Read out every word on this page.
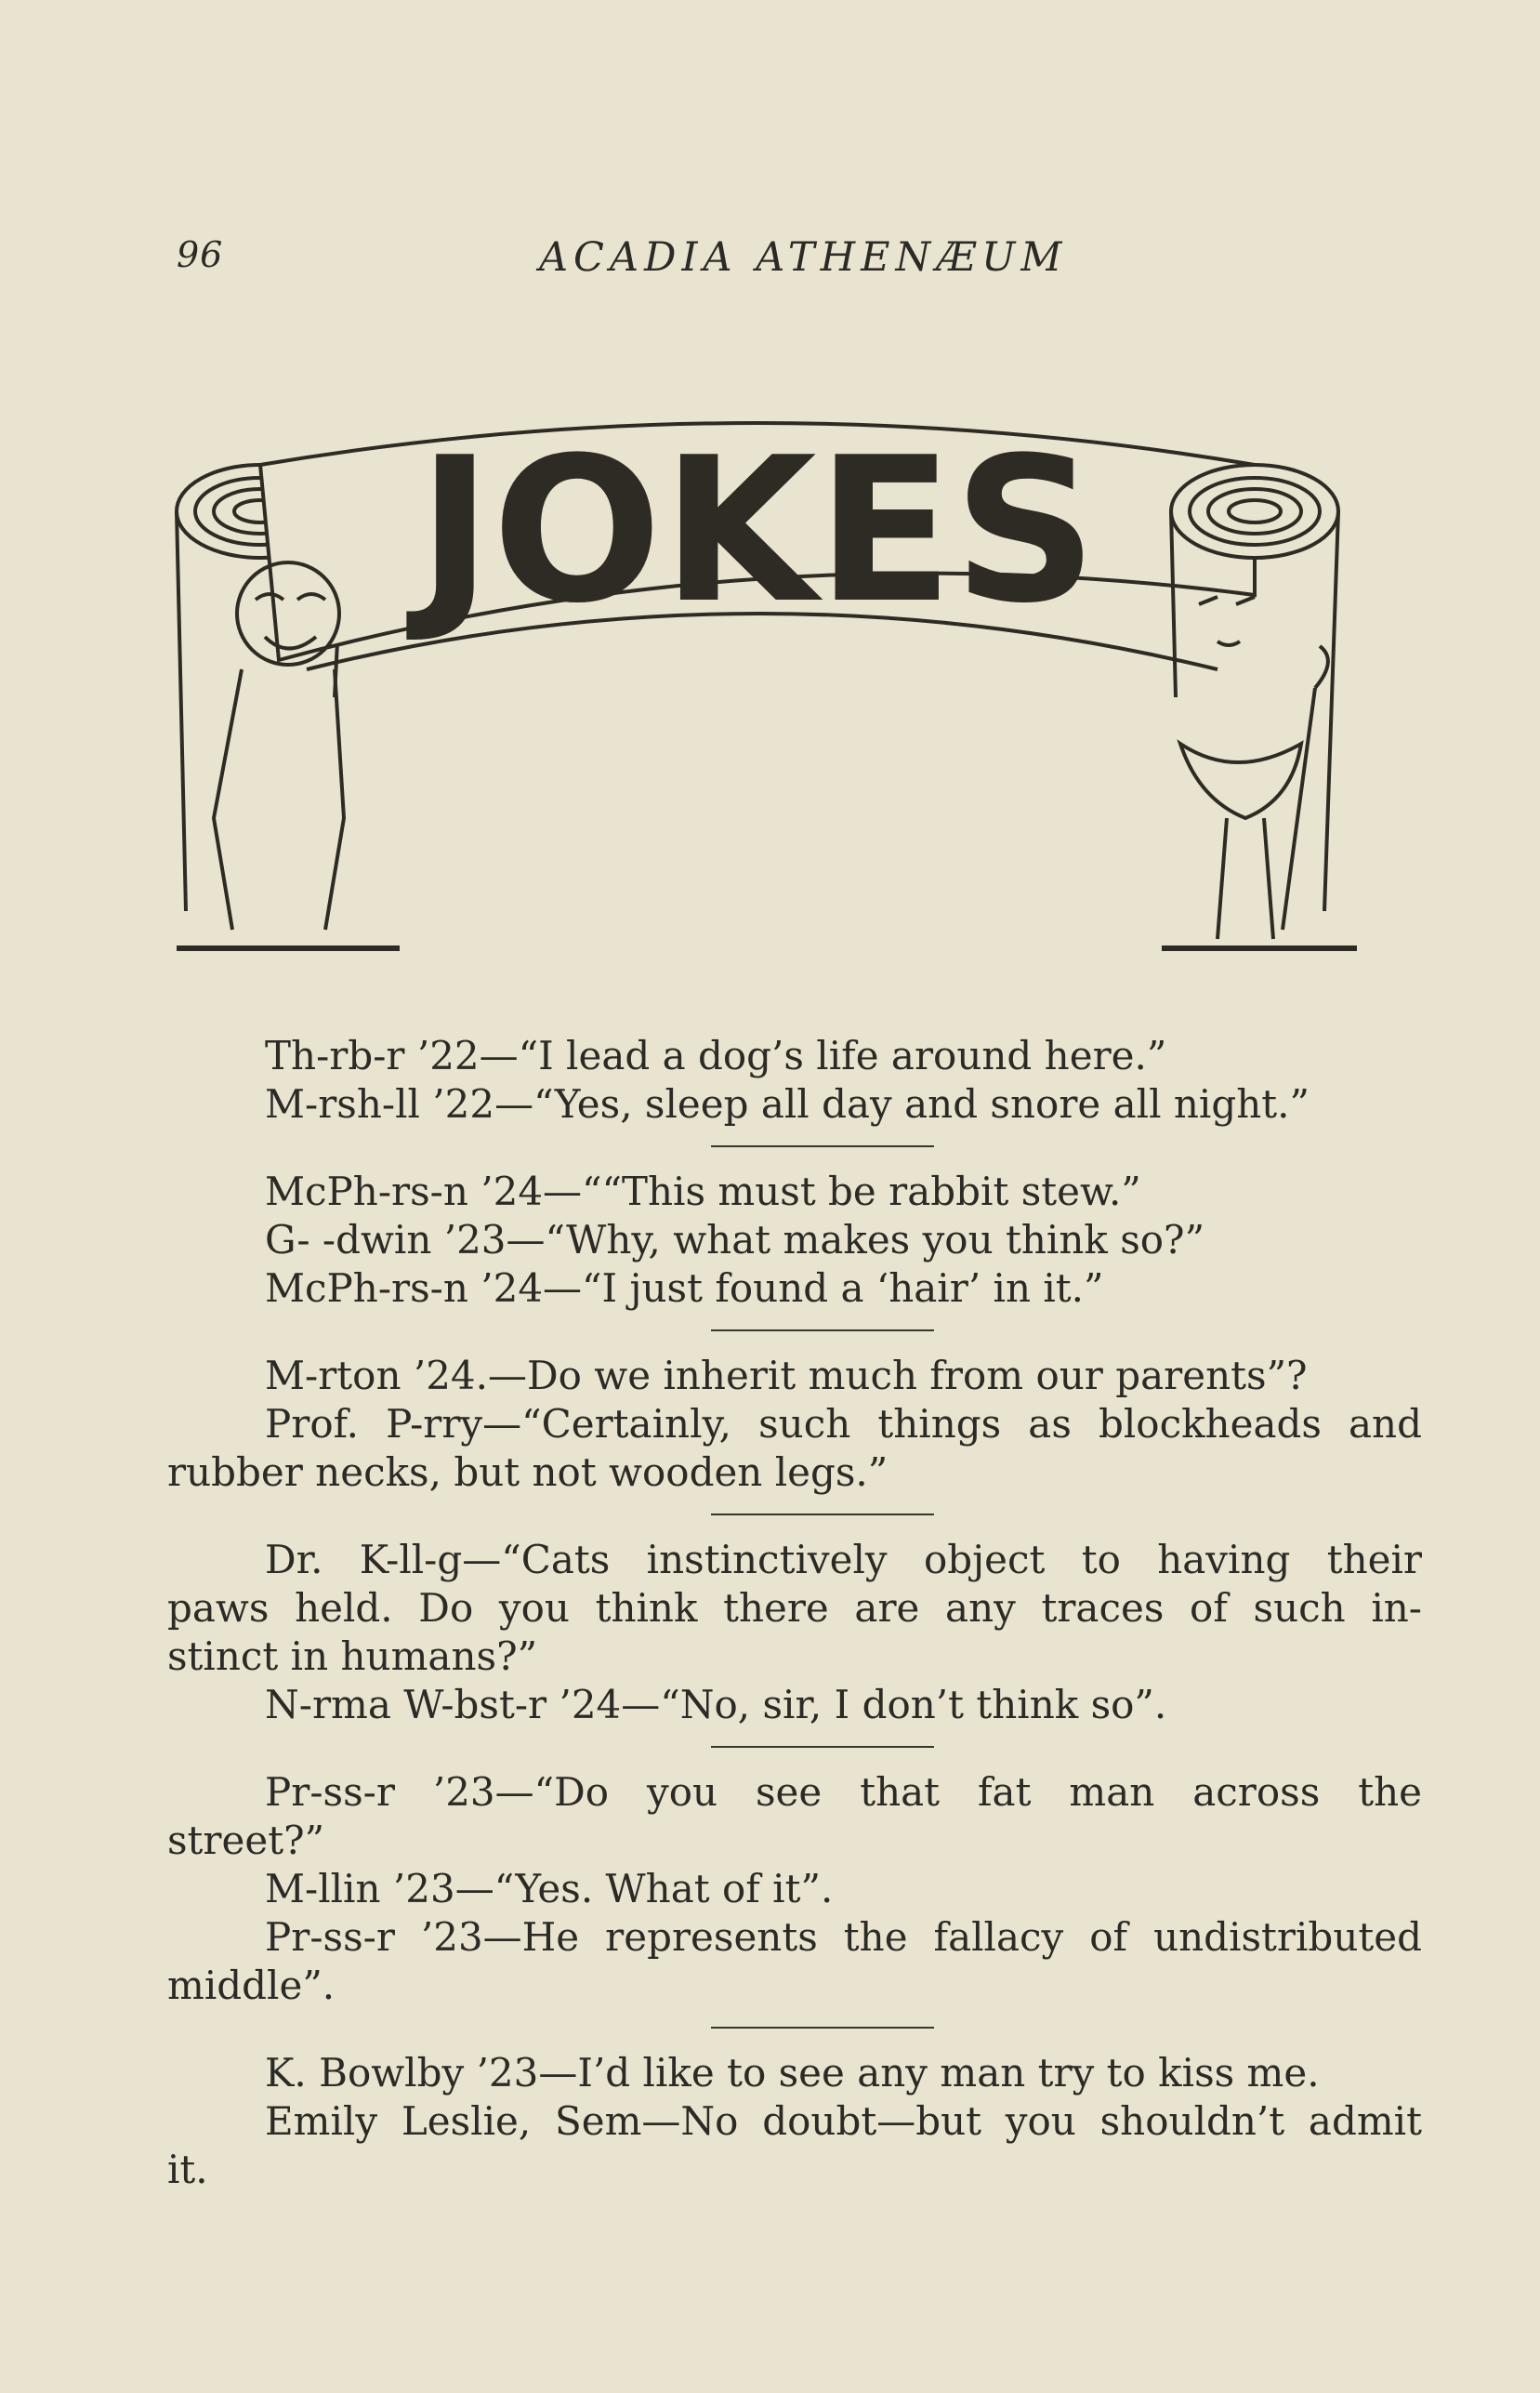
96	ACADIA ATHENÆUM
JOKES
Th-rb-r ’22—“I lead a dog’s life around here.”
M-rsh-ll ’22—“Yes, sleep all day and snore all night.”
McPh-rs-n ’24—““This must be rabbit stew.”
G- -dwin ’23—“Why, what makes you think so?”
McPh-rs-n ’24—“I just found a ‘hair’ in it.”
M-rton ’24.—Do we inherit much from our parents”?
Prof. P-rry—“Certainly, such things as blockheads and
rubber necks, but not wooden legs.”
Dr. K-ll-g—“Cats instinctively object to having their
paws held. Do you think there are any traces of such in-
stinct in humans?”
N-rma W-bst-r ’24—“No, sir, I don’t think so”.
Pr-ss-r ’23—“Do you see that fat man across the
street?”
M-llin ’23—“Yes. What of it”.
Pr-ss-r ’23—He represents the fallacy of undistributed
middle”.
K. Bowlby ’23—I’d like to see any man try to kiss me.
Emily Leslie, Sem—No doubt—but you shouldn’t admit
it.
